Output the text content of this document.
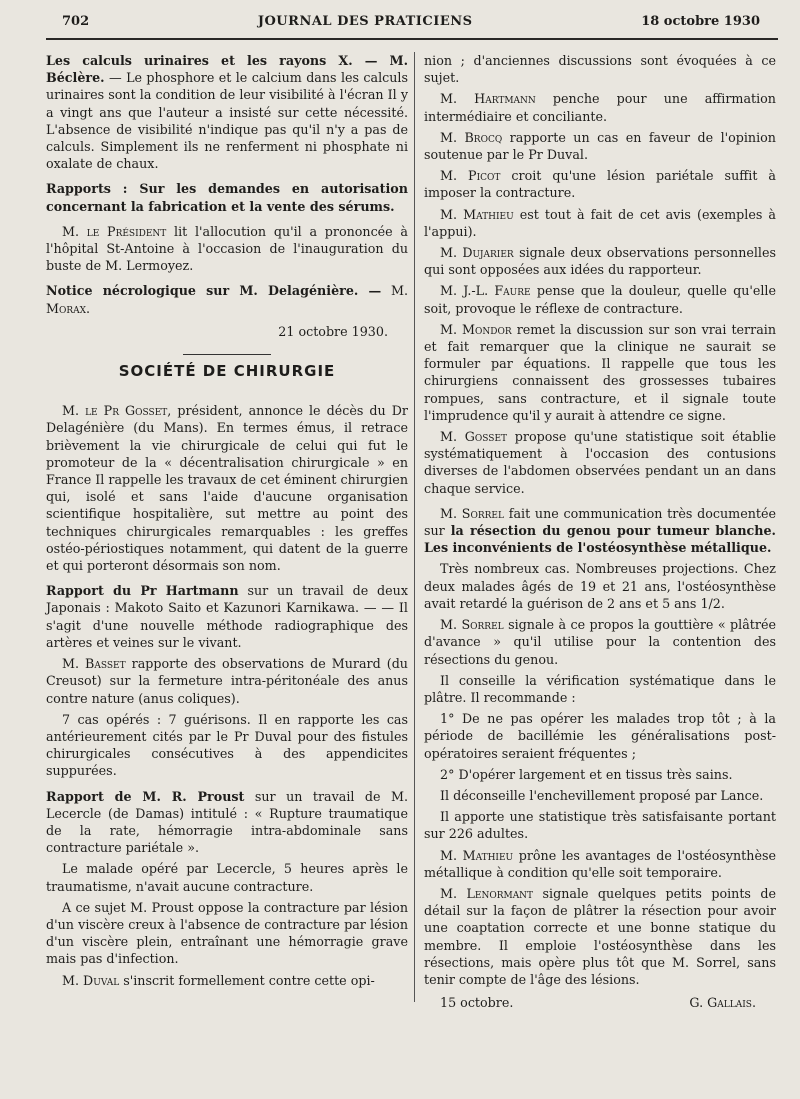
702	JOURNAL DES PRATICIENS	18 octobre 1930

Les calculs urinaires et les rayons X. — M. Béclère. — Le phosphore et le calcium dans les calculs urinaires sont la condition de leur visibilité à l'écran Il y a vingt ans que l'auteur a insisté sur cette nécessité. L'absence de visibilité n'indique pas qu'il n'y a pas de calculs. Simplement ils ne renferment ni phosphate ni oxalate de chaux.

Rapports : Sur les demandes en autorisation concernant la fabrication et la vente des sérums.

M. le Président lit l'allocution qu'il a prononcée à l'hôpital St-Antoine à l'occasion de l'inauguration du buste de M. Lermoyez.

Notice nécrologique sur M. Delagénière. — M. Morax.

21 octobre 1930.

SOCIÉTÉ DE CHIRURGIE

M. le Pr Gosset, président, annonce le décès du Dr Delagénière (du Mans). En termes émus, il retrace brièvement la vie chirurgicale de celui qui fut le promoteur de la « décentralisation chirurgicale » en France Il rappelle les travaux de cet éminent chirurgien qui, isolé et sans l'aide d'aucune organisation scientifique hospitalière, sut mettre au point des techniques chirurgicales remarquables : les greffes ostéo-périostiques notamment, qui datent de la guerre et qui porteront désormais son nom.

Rapport du Pr Hartmann sur un travail de deux Japonais : Makoto Saito et Kazunori Karnikawa. — — Il s'agit d'une nouvelle méthode radiographique des artères et veines sur le vivant.

M. Basset rapporte des observations de Murard (du Creusot) sur la fermeture intra-péritonéale des anus contre nature (anus coliques).

7 cas opérés : 7 guérisons. Il en rapporte les cas antérieurement cités par le Pr Duval pour des fistules chirurgicales consécutives à des appendicites suppurées.

Rapport de M. R. Proust sur un travail de M. Lecercle (de Damas) intitulé : « Rupture traumatique de la rate, hémorragie intra-abdominale sans contracture pariétale ».

Le malade opéré par Lecercle, 5 heures après le traumatisme, n'avait aucune contracture.

A ce sujet M. Proust oppose la contracture par lésion d'un viscère creux à l'absence de contracture par lésion d'un viscère plein, entraînant une hémorragie grave mais pas d'infection.

M. Duval s'inscrit formellement contre cette opi-

nion ; d'anciennes discussions sont évoquées à ce sujet.

M. Hartmann penche pour une affirmation intermédiaire et conciliante.

M. Brocq rapporte un cas en faveur de l'opinion soutenue par le Pr Duval.

M. Picot croit qu'une lésion pariétale suffit à imposer la contracture.

M. Mathieu est tout à fait de cet avis (exemples à l'appui).

M. Dujarier signale deux observations personnelles qui sont opposées aux idées du rapporteur.

M. J.-L. Faure pense que la douleur, quelle qu'elle soit, provoque le réflexe de contracture.

M. Mondor remet la discussion sur son vrai terrain et fait remarquer que la clinique ne saurait se formuler par équations. Il rappelle que tous les chirurgiens connaissent des grossesses tubaires rompues, sans contracture, et il signale toute l'imprudence qu'il y aurait à attendre ce signe.

M. Gosset propose qu'une statistique soit établie systématiquement à l'occasion des contusions diverses de l'abdomen observées pendant un an dans chaque service.

M. Sorrel fait une communication très documentée sur la résection du genou pour tumeur blanche. Les inconvénients de l'ostéosynthèse métallique.

Très nombreux cas. Nombreuses projections. Chez deux malades âgés de 19 et 21 ans, l'ostéosynthèse avait retardé la guérison de 2 ans et 5 ans 1/2.

M. Sorrel signale à ce propos la gouttière « plâtrée d'avance » qu'il utilise pour la contention des résections du genou.

Il conseille la vérification systématique dans le plâtre. Il recommande :

1° De ne pas opérer les malades trop tôt ; à la période de bacillémie les généralisations post-opératoires seraient fréquentes ;

2° D'opérer largement et en tissus très sains.

Il déconseille l'enchevillement proposé par Lance.

Il apporte une statistique très satisfaisante portant sur 226 adultes.

M. Mathieu prône les avantages de l'ostéosynthèse métallique à condition qu'elle soit temporaire.

M. Lenormant signale quelques petits points de détail sur la façon de plâtrer la résection pour avoir une coaptation correcte et une bonne statique du membre. Il emploie l'ostéosynthèse dans les résections, mais opère plus tôt que M. Sorrel, sans tenir compte de l'âge des lésions.

15 octobre.	G. Gallais.
